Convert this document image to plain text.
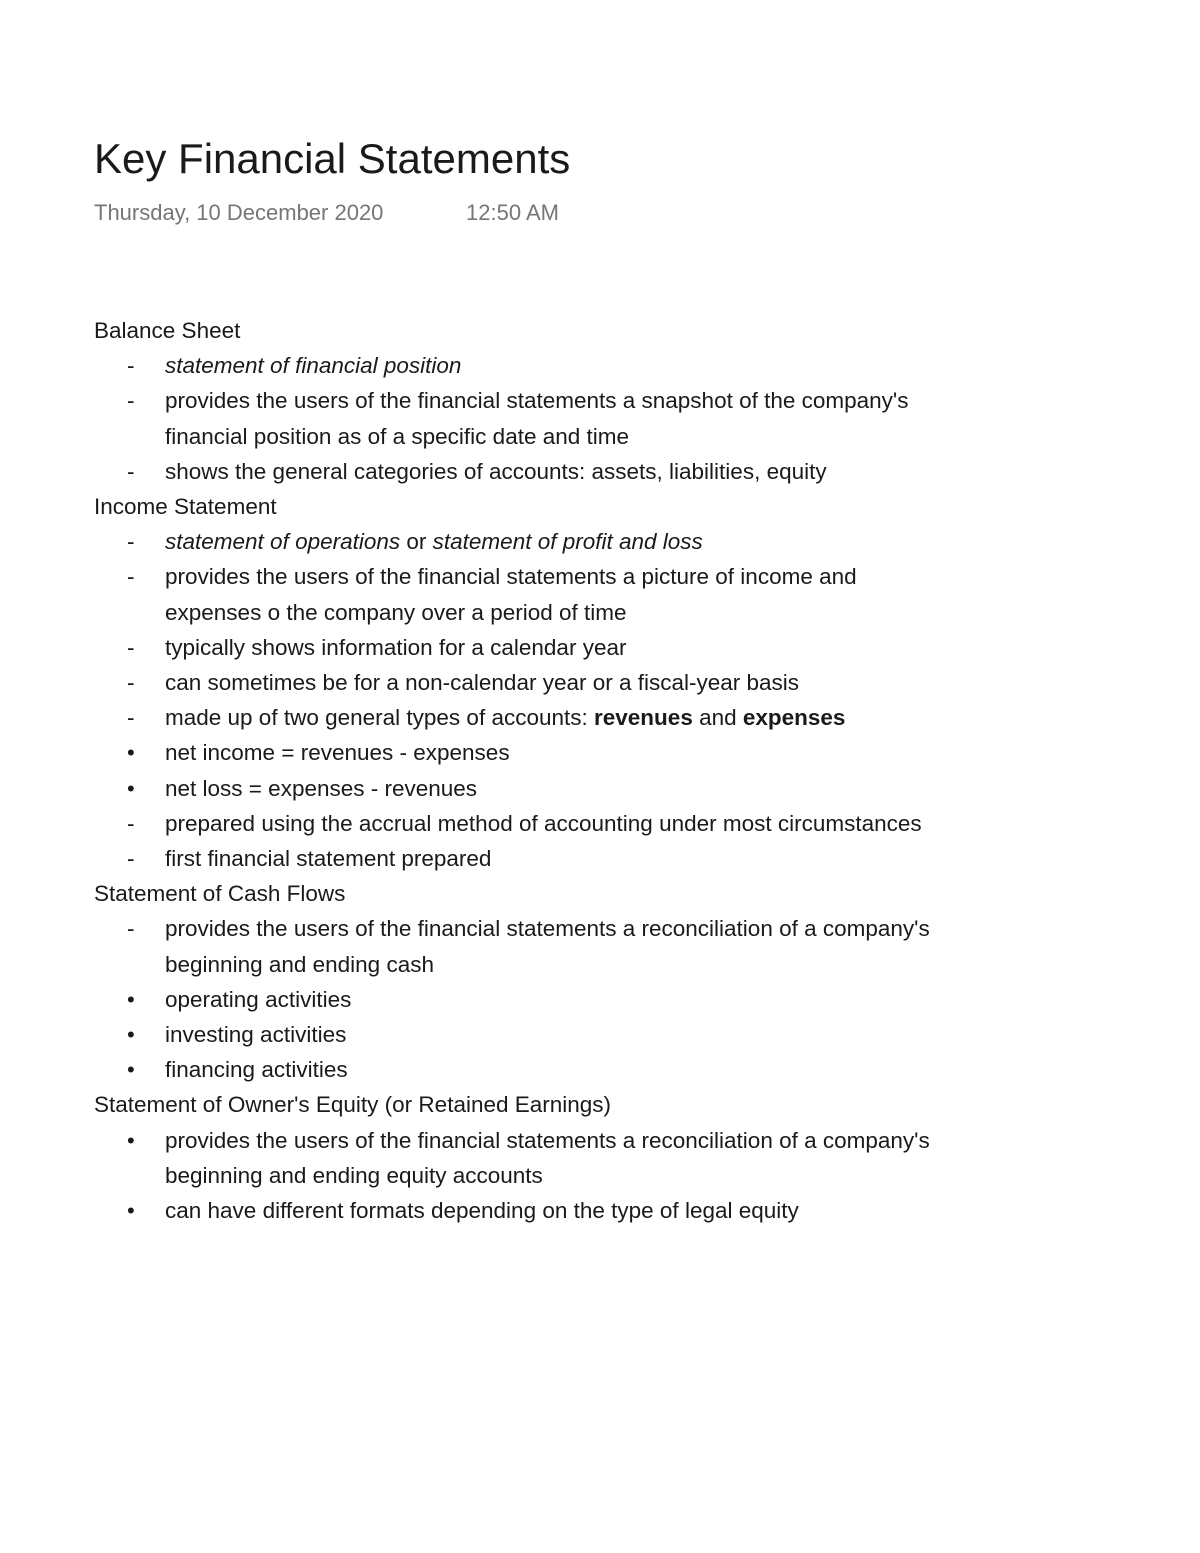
Key Financial Statements
Thursday, 10 December 2020	12:50 AM

Balance Sheet

-	statement of financial position

-	provides the users of the financial statements a snapshot of the company's financial position as of a specific date and time

-	shows the general categories of accounts: assets, liabilities, equity

Income Statement

-	statement of operations or statement of profit and loss

-	provides the users of the financial statements a picture of income and expenses o the company over a period of time

-	typically shows information for a calendar year

-	can sometimes be for a non-calendar year or a fiscal-year basis

-	made up of two general types of accounts: revenues and expenses

•	net income = revenues - expenses

•	net loss = expenses - revenues

-	prepared using the accrual method of accounting under most circumstances

-	first financial statement prepared

Statement of Cash Flows

-	provides the users of the financial statements a reconciliation of a company's beginning and ending cash

•	operating activities

•	investing activities

•	financing activities

Statement of Owner's Equity (or Retained Earnings)

•	provides the users of the financial statements a reconciliation of a company's beginning and ending equity accounts

•	can have different formats depending on the type of legal equity
